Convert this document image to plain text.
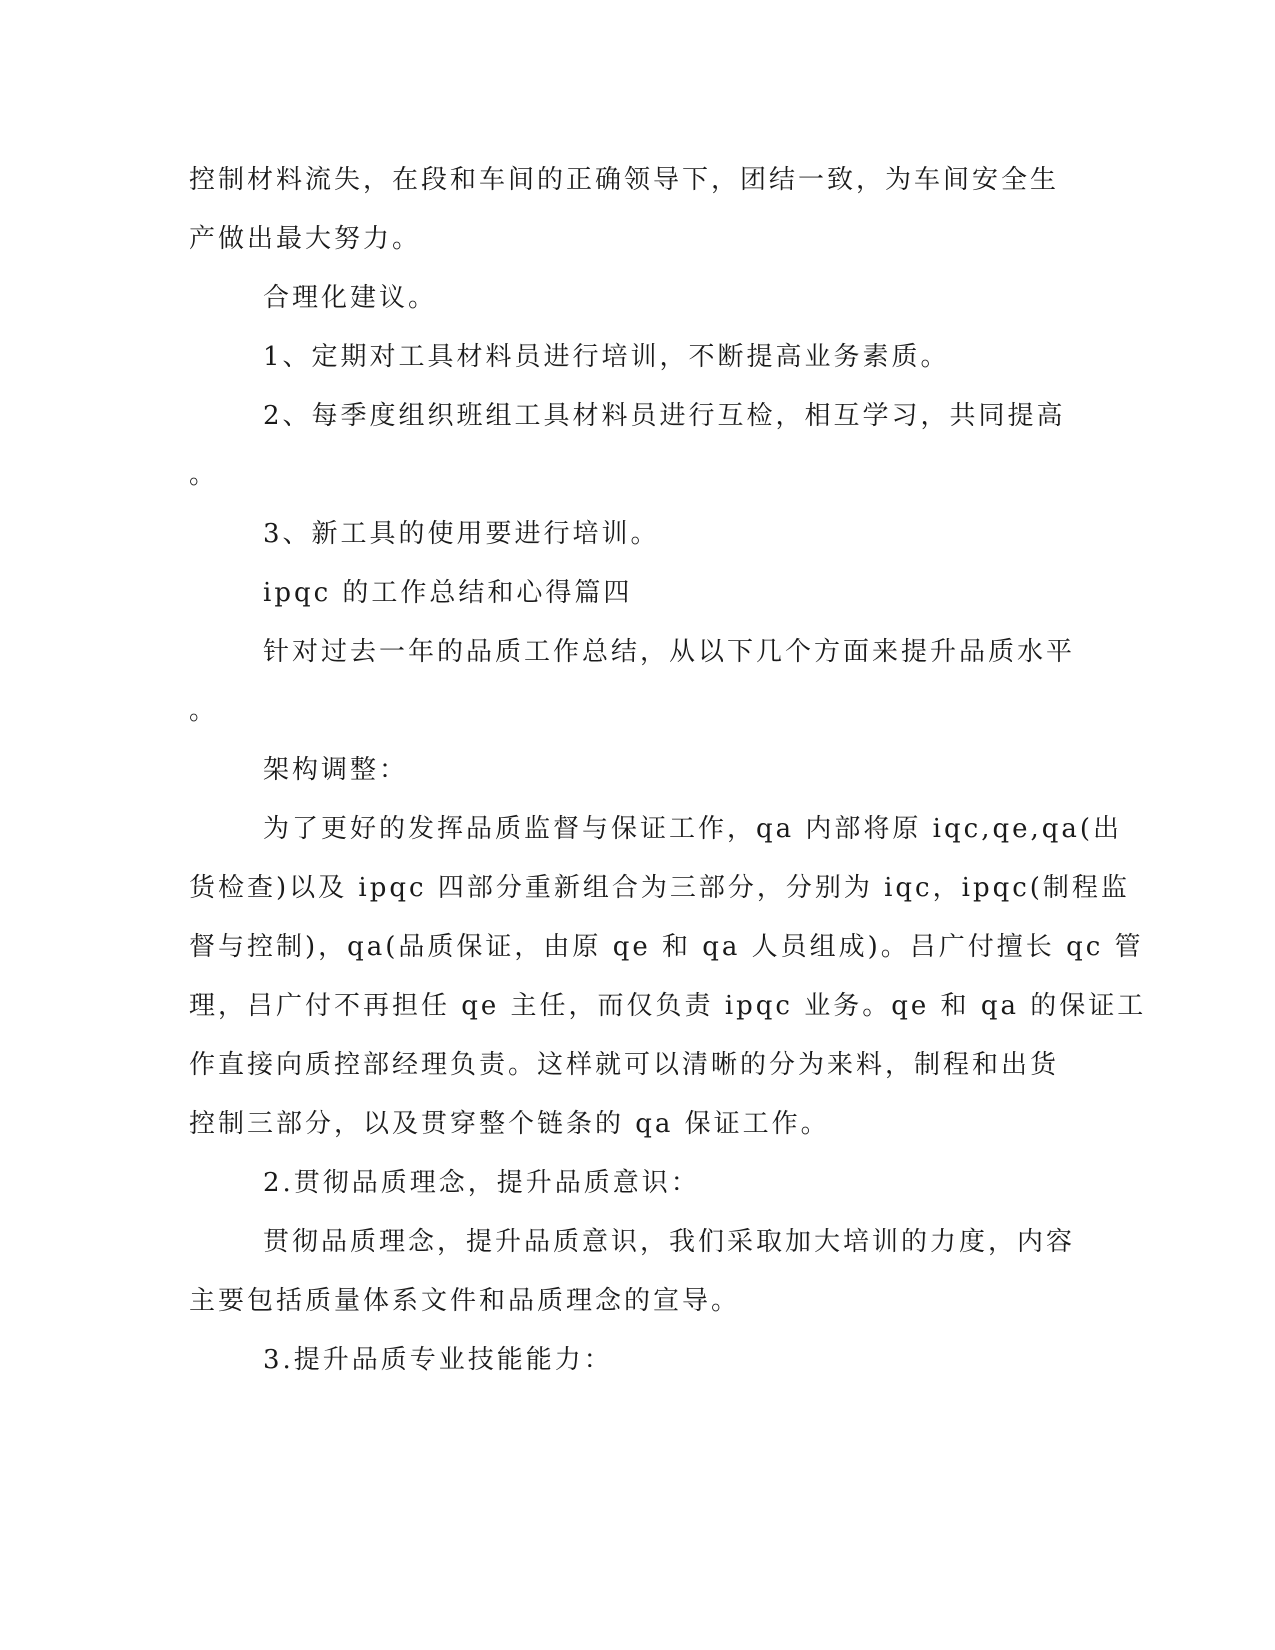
控制材料流失，在段和车间的正确领导下，团结一致，为车间安全生
产做出最大努力。
合理化建议。
1、定期对工具材料员进行培训，不断提高业务素质。
2、每季度组织班组工具材料员进行互检，相互学习，共同提高
。
3、新工具的使用要进行培训。
ipqc 的工作总结和心得篇四
针对过去一年的品质工作总结，从以下几个方面来提升品质水平
。
架构调整：
为了更好的发挥品质监督与保证工作，qa 内部将原 iqc,qe,qa(出
货检查)以及 ipqc 四部分重新组合为三部分，分别为 iqc，ipqc(制程监
督与控制)，qa(品质保证，由原 qe 和 qa 人员组成)。吕广付擅长 qc 管
理，吕广付不再担任 qe 主任，而仅负责 ipqc 业务。qe 和 qa 的保证工
作直接向质控部经理负责。这样就可以清晰的分为来料，制程和出货
控制三部分，以及贯穿整个链条的 qa 保证工作。
2.贯彻品质理念，提升品质意识：
贯彻品质理念，提升品质意识，我们采取加大培训的力度，内容
主要包括质量体系文件和品质理念的宣导。
3.提升品质专业技能能力：
